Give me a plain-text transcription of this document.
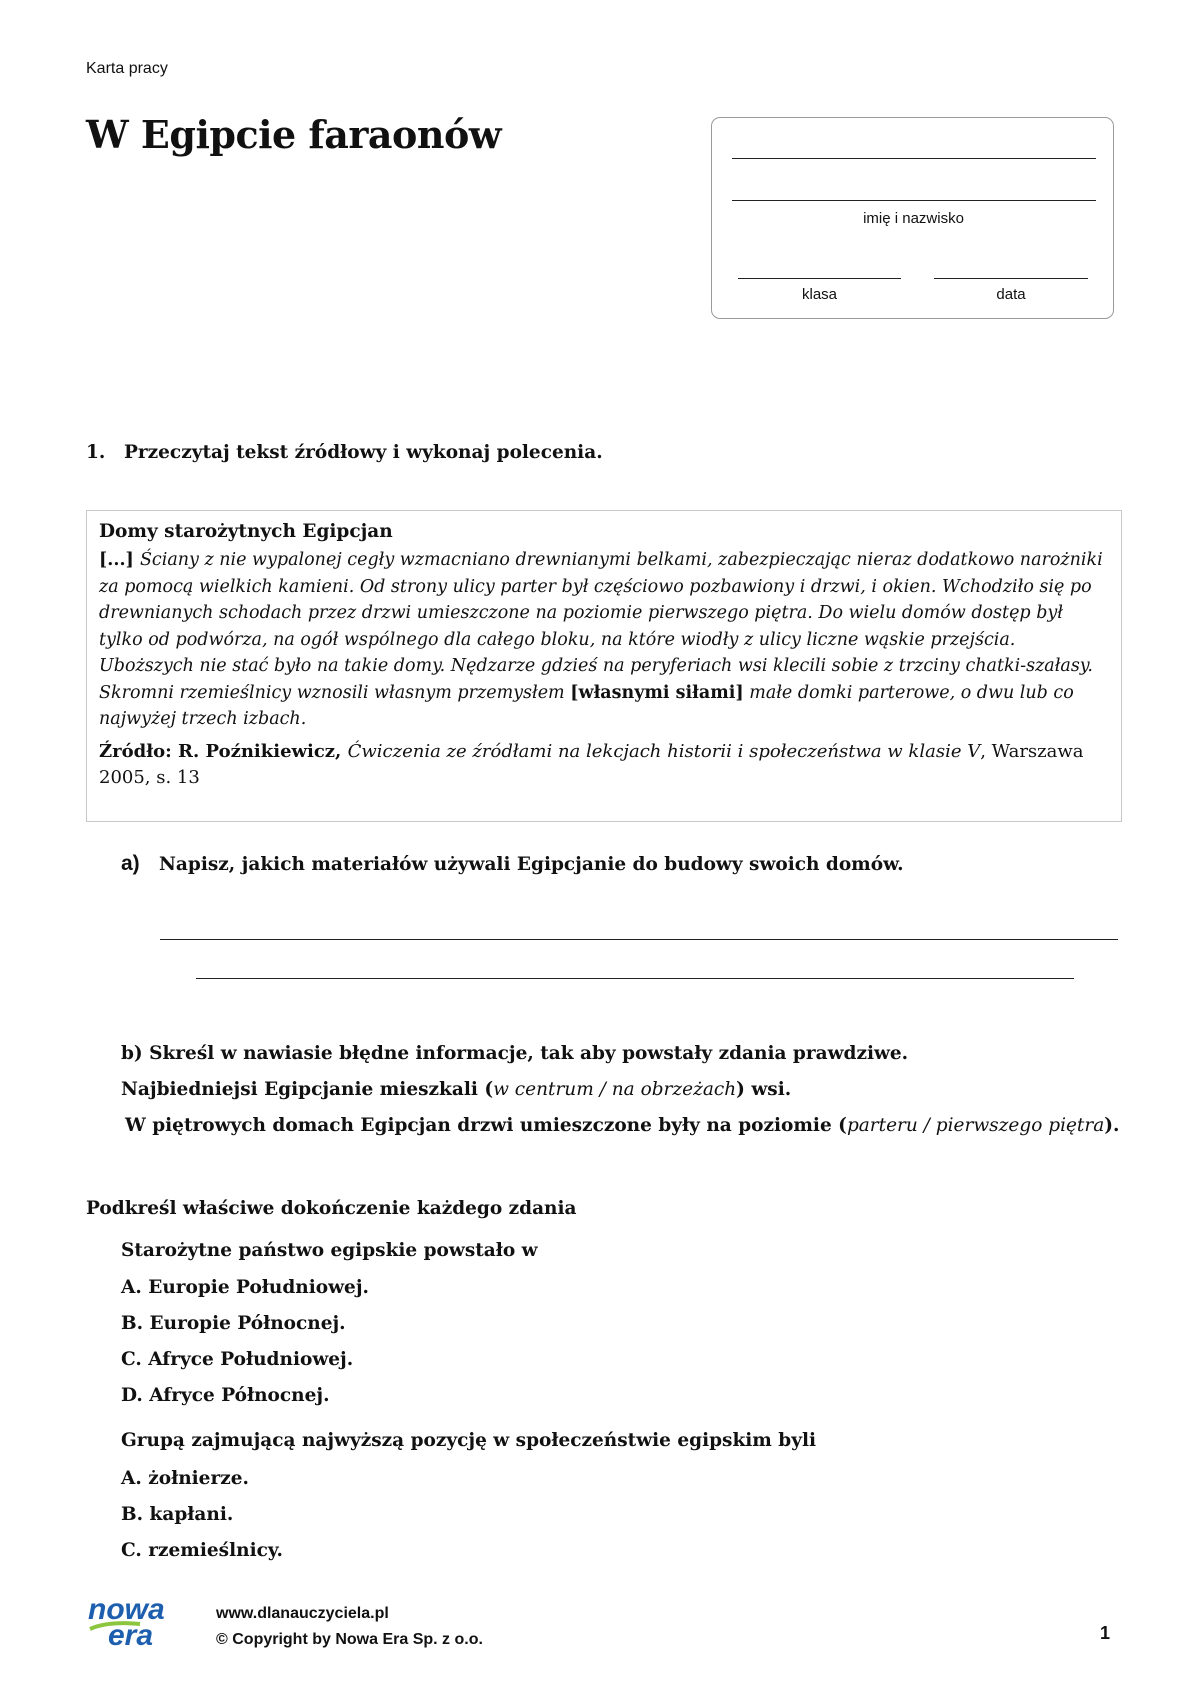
Karta pracy
W Egipcie faraonów
imię i nazwisko
klasa	data
1. Przeczytaj tekst źródłowy i wykonaj polecenia.
Domy starożytnych Egipcjan

[...] Ściany z nie wypalonej cegły wzmacniano drewnianymi belkami, zabezpieczając nieraz dodatkowo narożniki za pomocą wielkich kamieni. Od strony ulicy parter był częściowo pozbawiony i drzwi, i okien. Wchodziło się po drewnianych schodach przez drzwi umieszczone na poziomie pierwszego piętra. Do wielu domów dostęp był tylko od podwórza, na ogół wspólnego dla całego bloku, na które wiodły z ulicy liczne wąskie przejścia.

Uboższych nie stać było na takie domy. Nędzarze gdzieś na peryferiach wsi klecili sobie z trzciny chatki-szałasy. Skromni rzemieślnicy wznosili własnym przemysłem [własnymi siłami] małe domki parterowe, o dwu lub co najwyżej trzech izbach.

Źródło: R. Poźnikiewicz, Ćwiczenia ze źródłami na lekcjach historii i społeczeństwa w klasie V, Warszawa 2005, s. 13
a) Napisz, jakich materiałów używali Egipcjanie do budowy swoich domów.
b) Skreśl w nawiasie błędne informacje, tak aby powstały zdania prawdziwe.
Najbiedniejsi Egipcjanie mieszkali (w centrum / na obrzeżach) wsi.
W piętrowych domach Egipcjan drzwi umieszczone były na poziomie (parteru / pierwszego piętra).
Podkreśl właściwe dokończenie każdego zdania
Starożytne państwo egipskie powstało w
A. Europie Południowej.
B. Europie Północnej.
C. Afryce Południowej.
D. Afryce Północnej.
Grupą zajmującą najwyższą pozycję w społeczeństwie egipskim byli
A. żołnierze.
B. kapłani.
C. rzemieślnicy.
nowa
era
www.dlanauczyciela.pl
© Copyright by Nowa Era Sp. z o.o.	1
